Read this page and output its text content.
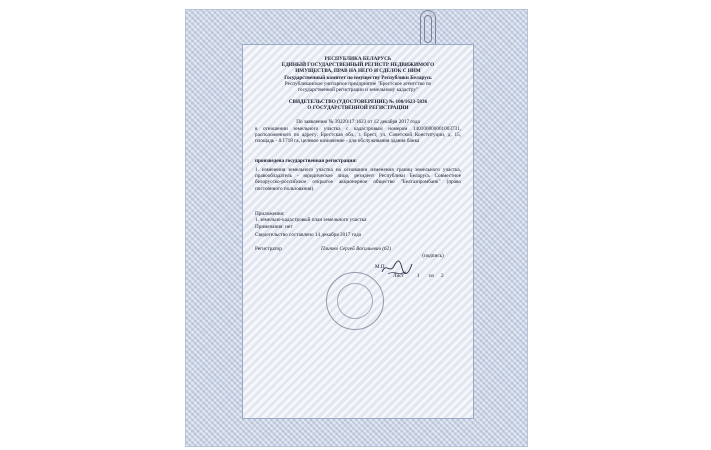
РЕСПУБЛИКА БЕЛАРУСЬ
ЕДИНЫЙ ГОСУДАРСТВЕННЫЙ РЕГИСТР НЕДВИЖИМОГО
ИМУЩЕСТВА, ПРАВ НА НЕГО И СДЕЛОК С НИМ
Государственный комитет по имуществу Республики Беларусь
Республиканское унитарное предприятие "Брестское агентство по
государственной регистрации и земельному кадастру"
СВИДЕТЕЛЬСТВО (УДОСТОВЕРЕНИЕ) № 100/1623-5836
О ГОСУДАРСТВЕННОЙ РЕГИСТРАЦИИ
По заявлению № 39220/17:1623 от 12 декабря 2017 года
в отношении земельного участка с кадастровым номером 140100000001003731, расположенного по адресу: Брестская обл., г. Брест, ул. Советской Конституции, д. 15, площадь - 0.1718 га, целевое назначение - для обслуживания здания банка
произведена государственная регистрация:
1. изменения земельного участка на основании изменения границ земельного участка, правообладатель - юридическое лицо, резидент Республики Беларусь Совместное белорусско-российское открытое акционерное общество "Белгазпромбанк" (право постоянного пользования).
Приложения:
1. земельно-кадастровый план земельного участка
Примечания: нет
Свидетельство составлено 14 декабря 2017 года
Регистратор	Плитко Сергей Васильевич (62)
(подпись)
М.П.
Лист	1	из	2
